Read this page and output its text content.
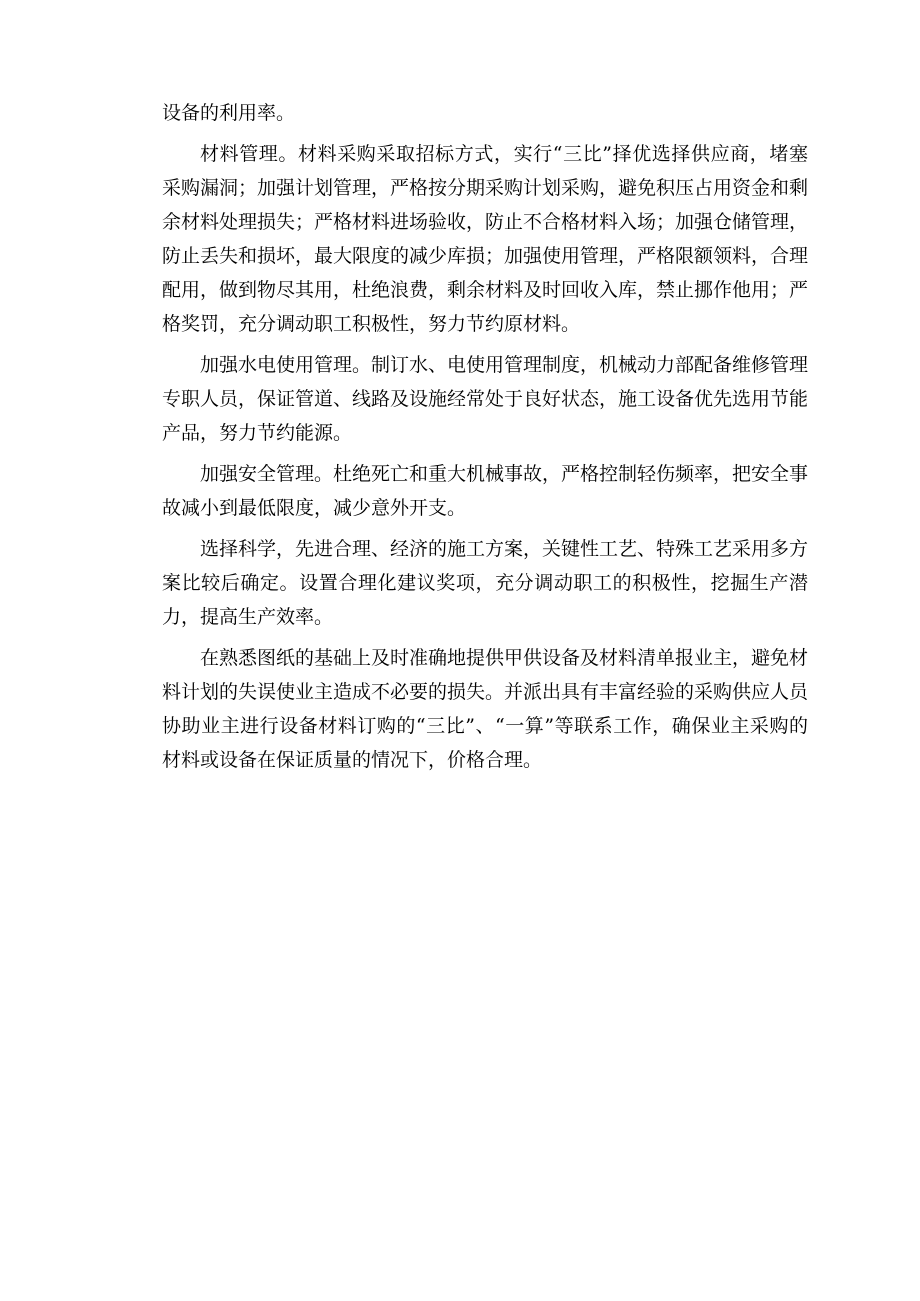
设备的利用率。

材料管理。材料采购采取招标方式，实行“三比”择优选择供应商，堵塞采购漏洞；加强计划管理，严格按分期采购计划采购，避免积压占用资金和剩余材料处理损失；严格材料进场验收，防止不合格材料入场；加强仓储管理，防止丢失和损坏，最大限度的减少库损；加强使用管理，严格限额领料，合理配用，做到物尽其用，杜绝浪费，剩余材料及时回收入库，禁止挪作他用；严格奖罚，充分调动职工积极性，努力节约原材料。

加强水电使用管理。制订水、电使用管理制度，机械动力部配备维修管理专职人员，保证管道、线路及设施经常处于良好状态，施工设备优先选用节能产品，努力节约能源。

加强安全管理。杜绝死亡和重大机械事故，严格控制轻伤频率，把安全事故减小到最低限度，减少意外开支。

选择科学，先进合理、经济的施工方案，关键性工艺、特殊工艺采用多方案比较后确定。设置合理化建议奖项，充分调动职工的积极性，挖掘生产潜力，提高生产效率。

在熟悉图纸的基础上及时准确地提供甲供设备及材料清单报业主，避免材料计划的失误使业主造成不必要的损失。并派出具有丰富经验的采购供应人员协助业主进行设备材料订购的“三比”、“一算”等联系工作，确保业主采购的材料或设备在保证质量的情况下，价格合理。
